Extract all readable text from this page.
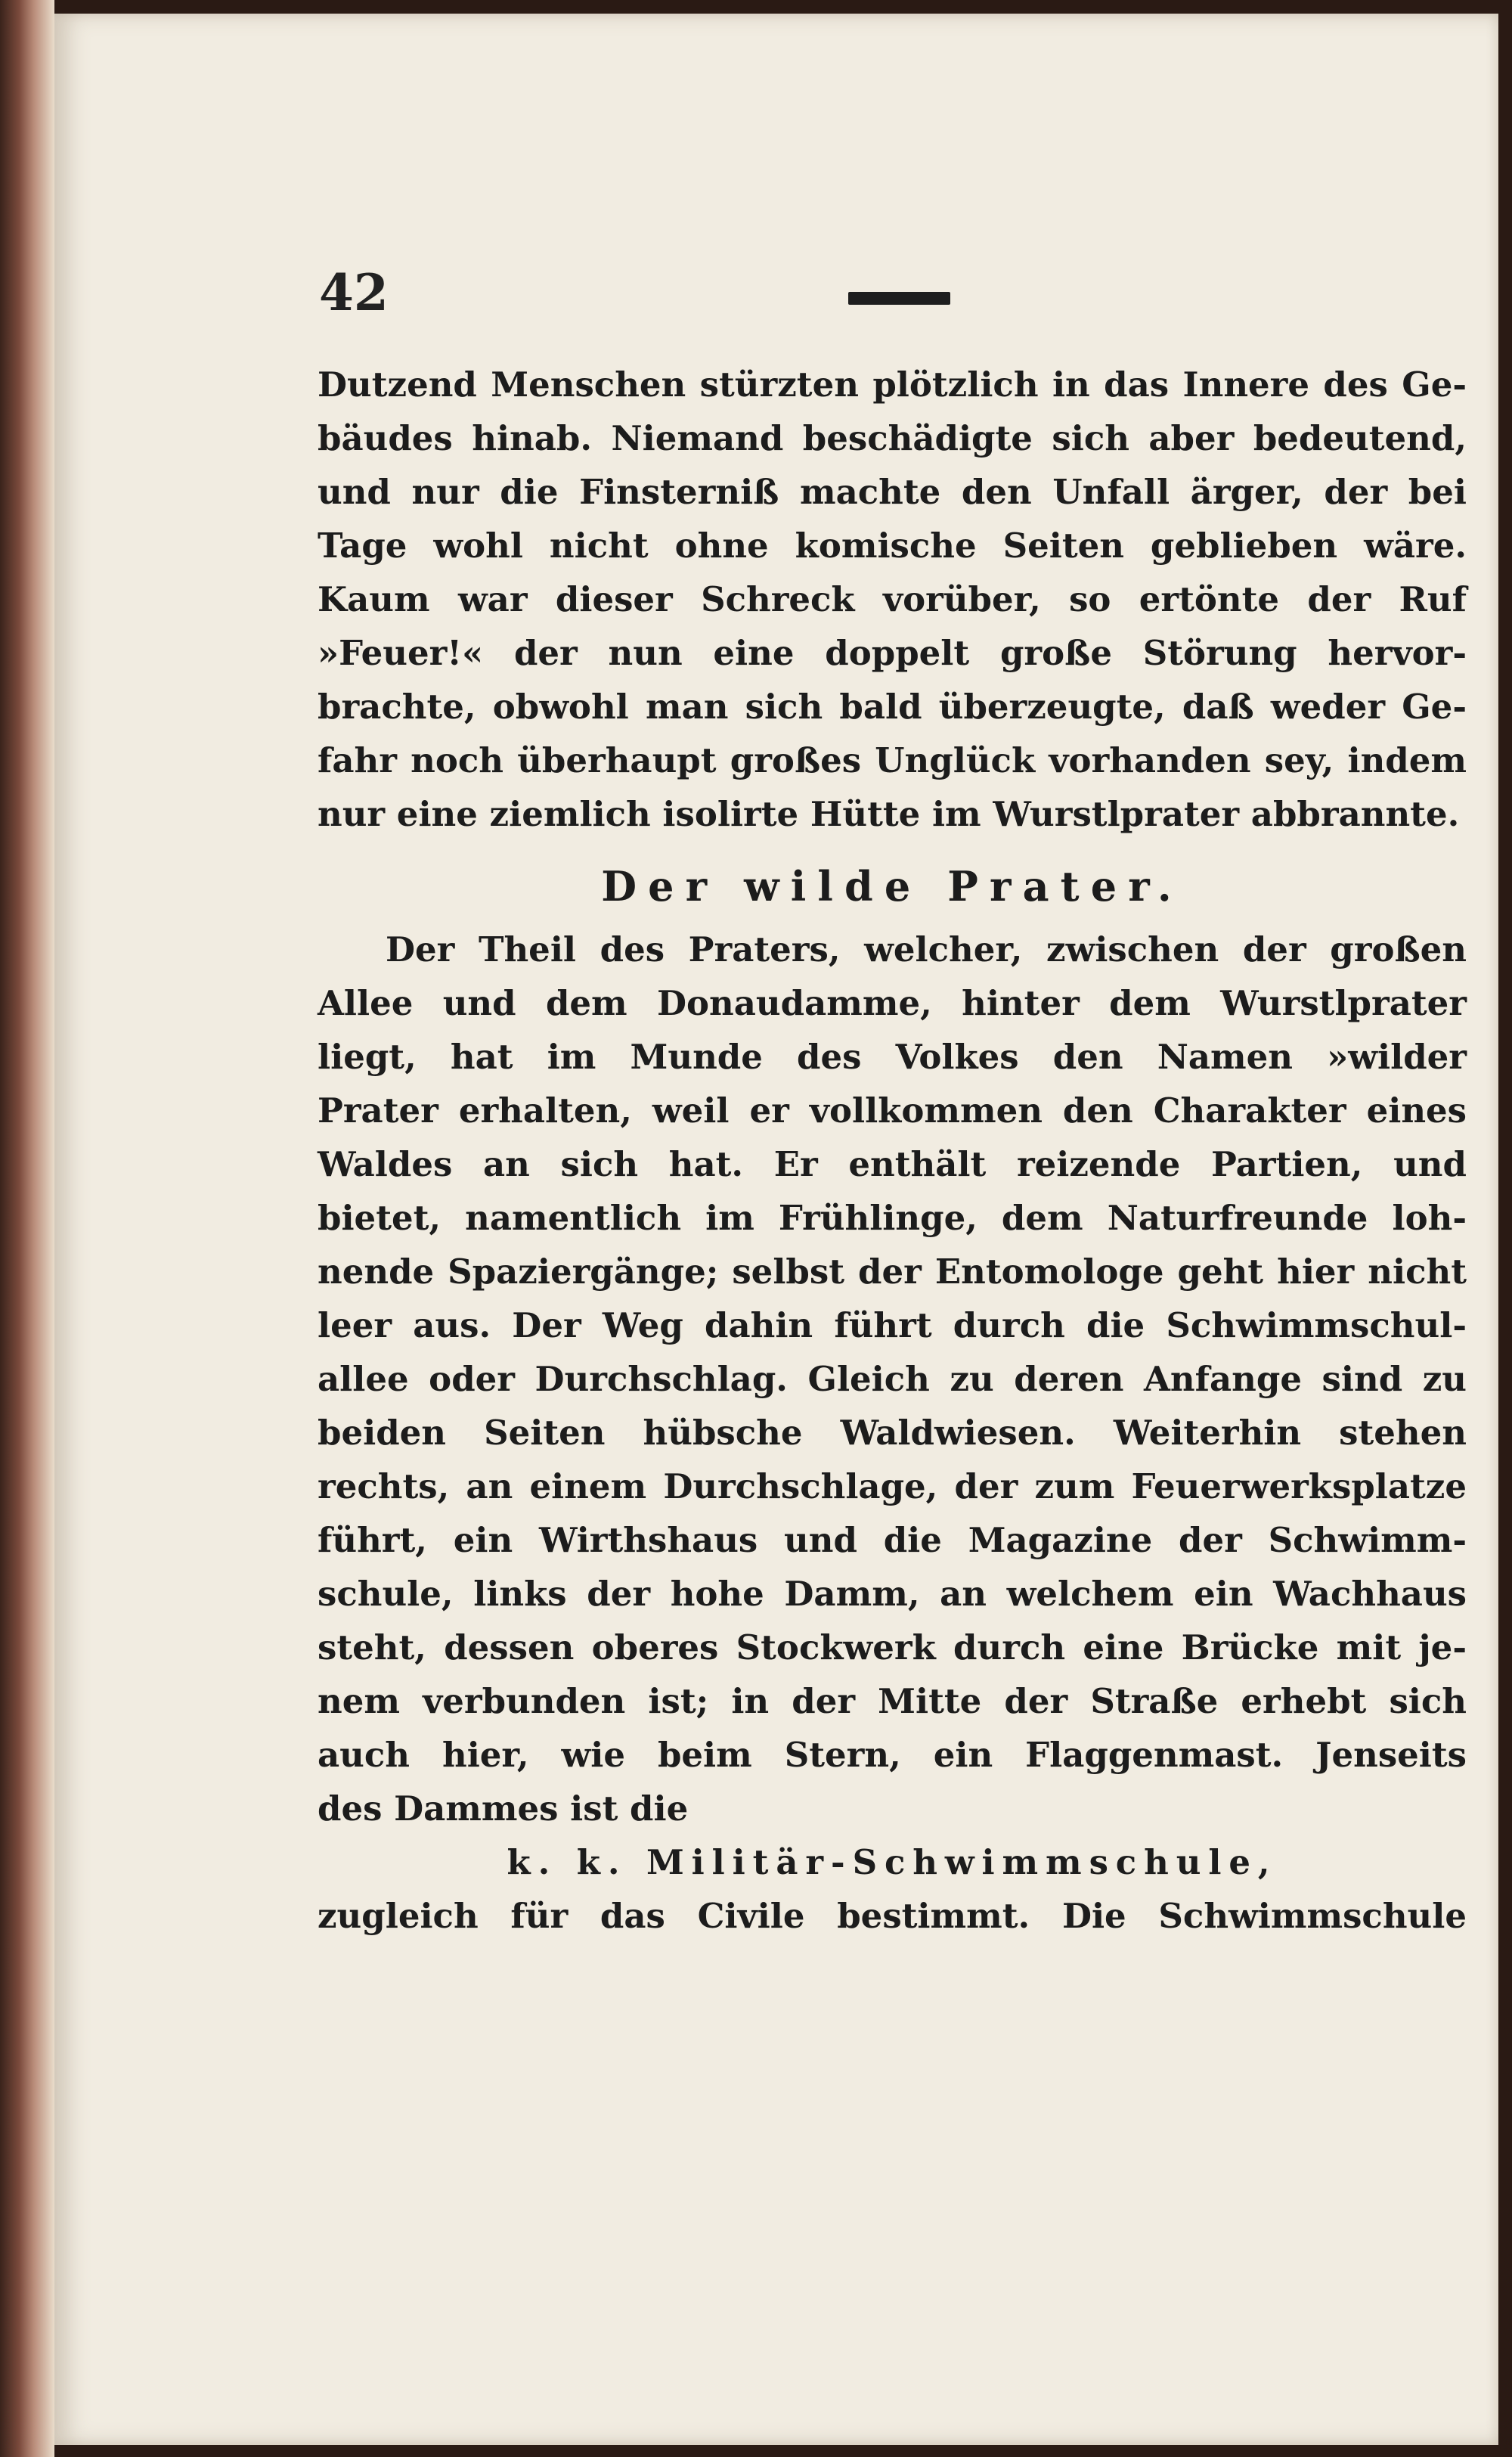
42
Dutzend Menschen stürzten plötzlich in das Innere des Ge-
bäudes hinab. Niemand beschädigte sich aber bedeutend,
und nur die Finsterniß machte den Unfall ärger, der bei
Tage wohl nicht ohne komische Seiten geblieben wäre.
Kaum war dieser Schreck vorüber, so ertönte der Ruf
»Feuer!« der nun eine doppelt große Störung hervor-
brachte, obwohl man sich bald überzeugte, daß weder Ge-
fahr noch überhaupt großes Unglück vorhanden sey, indem
nur eine ziemlich isolirte Hütte im Wurstlprater abbrannte.
Der wilde Prater.
Der Theil des Praters, welcher, zwischen der großen
Allee und dem Donaudamme, hinter dem Wurstlprater
liegt, hat im Munde des Volkes den Namen »wilder
Prater erhalten, weil er vollkommen den Charakter eines
Waldes an sich hat. Er enthält reizende Partien, und
bietet, namentlich im Frühlinge, dem Naturfreunde loh-
nende Spaziergänge; selbst der Entomologe geht hier nicht
leer aus. Der Weg dahin führt durch die Schwimmschul-
allee oder Durchschlag. Gleich zu deren Anfange sind zu
beiden Seiten hübsche Waldwiesen. Weiterhin stehen
rechts, an einem Durchschlage, der zum Feuerwerksplatze
führt, ein Wirthshaus und die Magazine der Schwimm-
schule, links der hohe Damm, an welchem ein Wachhaus
steht, dessen oberes Stockwerk durch eine Brücke mit je-
nem verbunden ist; in der Mitte der Straße erhebt sich
auch hier, wie beim Stern, ein Flaggenmast. Jenseits
des Dammes ist die
k. k. Militär-Schwimmschule,
zugleich für das Civile bestimmt. Die Schwimmschule
